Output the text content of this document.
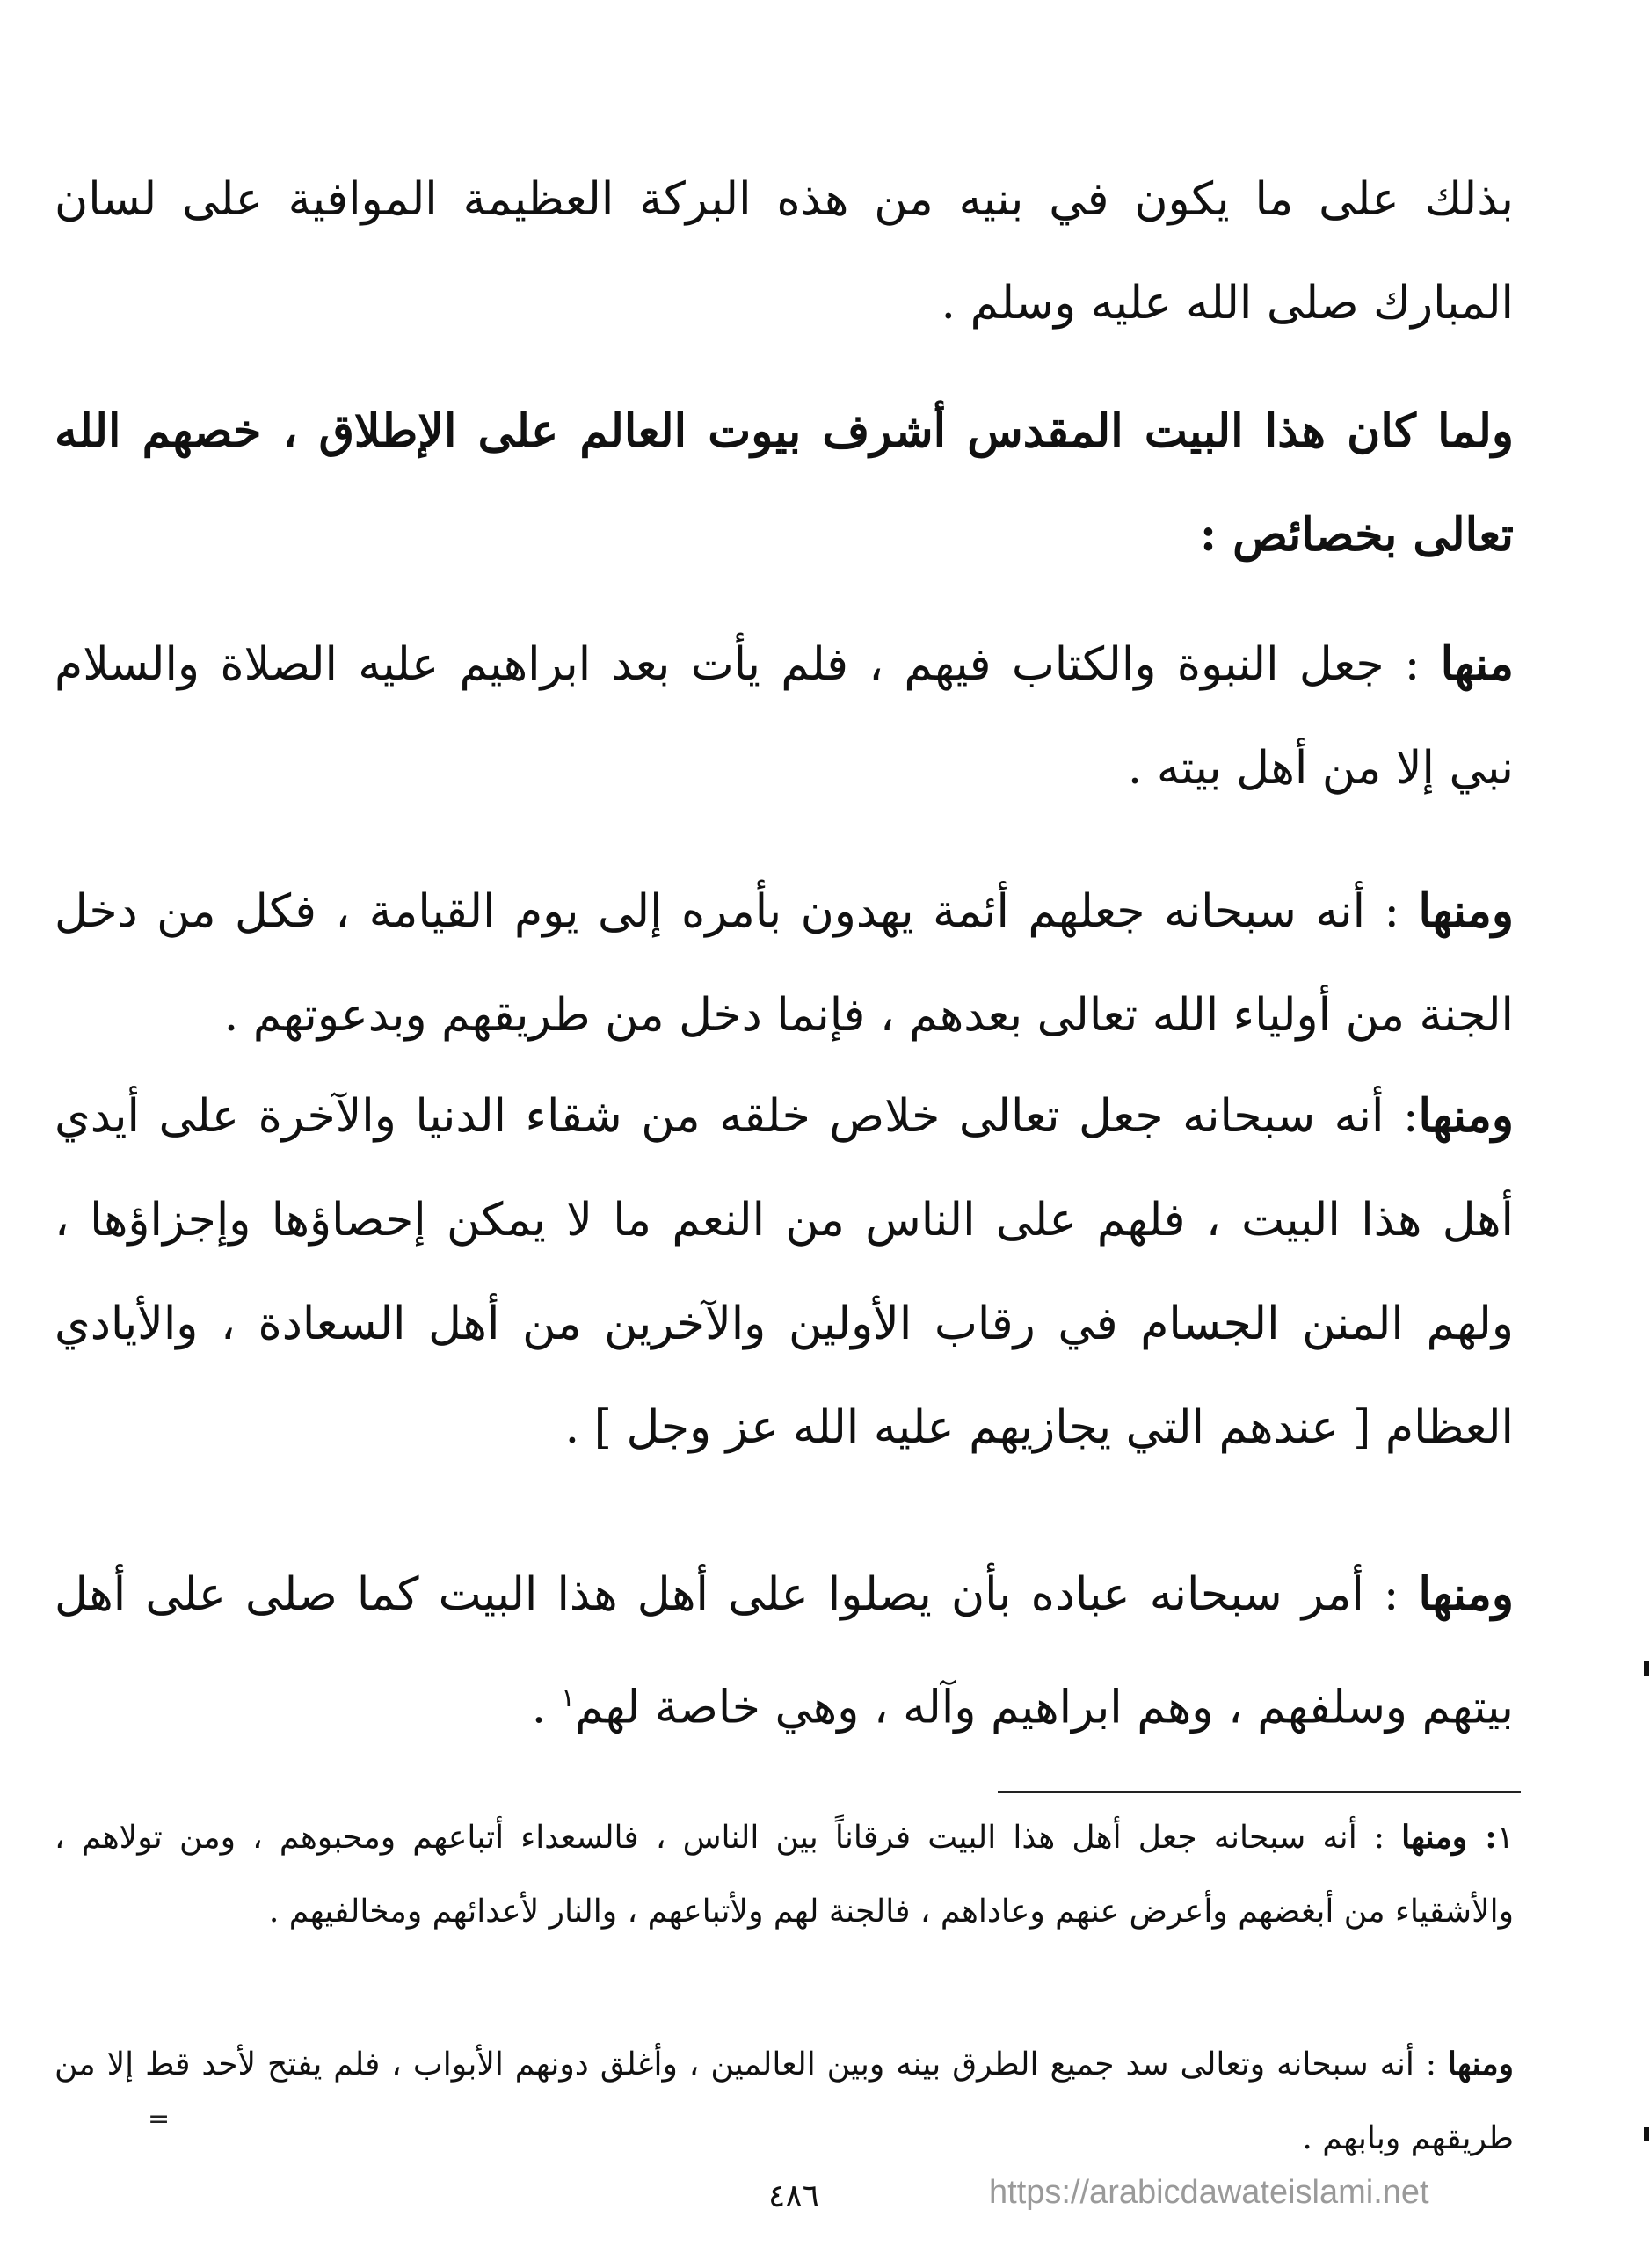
بذلك على ما يكون في بنيه من هذه البركة العظيمة الموافية على لسان المبارك صلى الله عليه وسلم .

ولما كان هذا البيت المقدس أشرف بيوت العالم على الإطلاق ، خصهم الله تعالى بخصائص :

منها : جعل النبوة والكتاب فيهم ، فلم يأت بعد ابراهيم عليه الصلاة والسلام نبي إلا من أهل بيته .

ومنها : أنه سبحانه جعلهم أئمة يهدون بأمره إلى يوم القيامة ، فكل من دخل الجنة من أولياء الله تعالى بعدهم ، فإنما دخل من طريقهم وبدعوتهم .

ومنها: أنه سبحانه جعل تعالى خلاص خلقه من شقاء الدنيا والآخرة على أيدي أهل هذا البيت ، فلهم على الناس من النعم ما لا يمكن إحصاؤها وإجزاؤها ، ولهم المنن الجسام في رقاب الأولين والآخرين من أهل السعادة ، والأيادي العظام [ عندهم التي يجازيهم عليه الله عز وجل ] .

ومنها : أمر سبحانه عباده بأن يصلوا على أهل هذا البيت كما صلى على أهل بيتهم وسلفهم ، وهم ابراهيم وآله ، وهي خاصة لهم$^١$ .

١: ومنها : أنه سبحانه جعل أهل هذا البيت فرقاناً بين الناس ، فالسعداء أتباعهم ومحبوهم ، ومن تولاهم ، والأشقياء من أبغضهم وأعرض عنهم وعاداهم ، فالجنة لهم ولأتباعهم ، والنار لأعدائهم ومخالفيهم .

ومنها : أنه سبحانه وتعالى سد جميع الطرق بينه وبين العالمين ، وأغلق دونهم الأبواب ، فلم يفتح لأحد قط إلا من طريقهم وبابهم .

=
٤٨٦	https://arabicdawateislami.net
